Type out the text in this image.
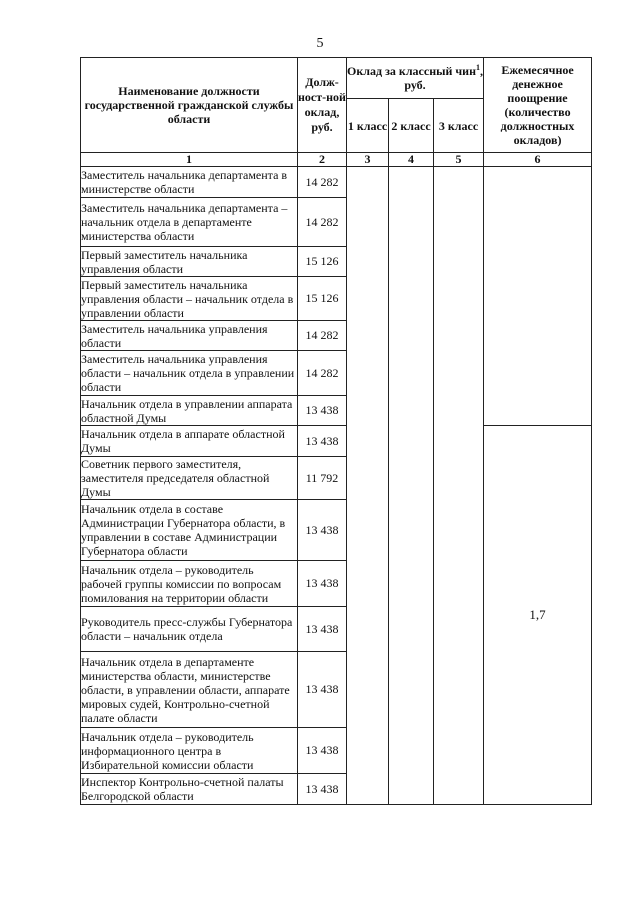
5
Наименование должности государственной гражданской службы области	Долж-ност-ной оклад, руб.	Оклад за классный чин$^1$, руб.			Ежемесячное денежное поощрение (количество должностных окладов)
		1 класс	2 класс	3 класс	
1	2	3	4	5	6
Заместитель начальника департамента в министерстве области	14 282				
Заместитель начальника департамента – начальник отдела в департаменте министерства области	14 282				
Первый заместитель начальника управления области	15 126				
Первый заместитель начальника управления области – начальник отдела в управлении области	15 126				
Заместитель начальника управления области	14 282				
Заместитель начальника управления области – начальник отдела в управлении области	14 282				
Начальник отдела в управлении аппарата областной Думы	13 438				
Начальник отдела в аппарате областной Думы	13 438				1,7
Советник первого заместителя, заместителя председателя областной Думы	11 792				
Начальник отдела в составе Администрации Губернатора области, в управлении в составе Администрации Губернатора области	13 438				
Начальник отдела – руководитель рабочей группы комиссии по вопросам помилования на территории области	13 438				
Руководитель пресс-службы Губернатора области – начальник отдела	13 438				
Начальник отдела в департаменте министерства области, министерстве области, в управлении области, аппарате мировых судей, Контрольно-счетной палате области	13 438				
Начальник отдела – руководитель информационного центра в Избирательной комиссии области	13 438				
Инспектор Контрольно-счетной палаты Белгородской области	13 438				
